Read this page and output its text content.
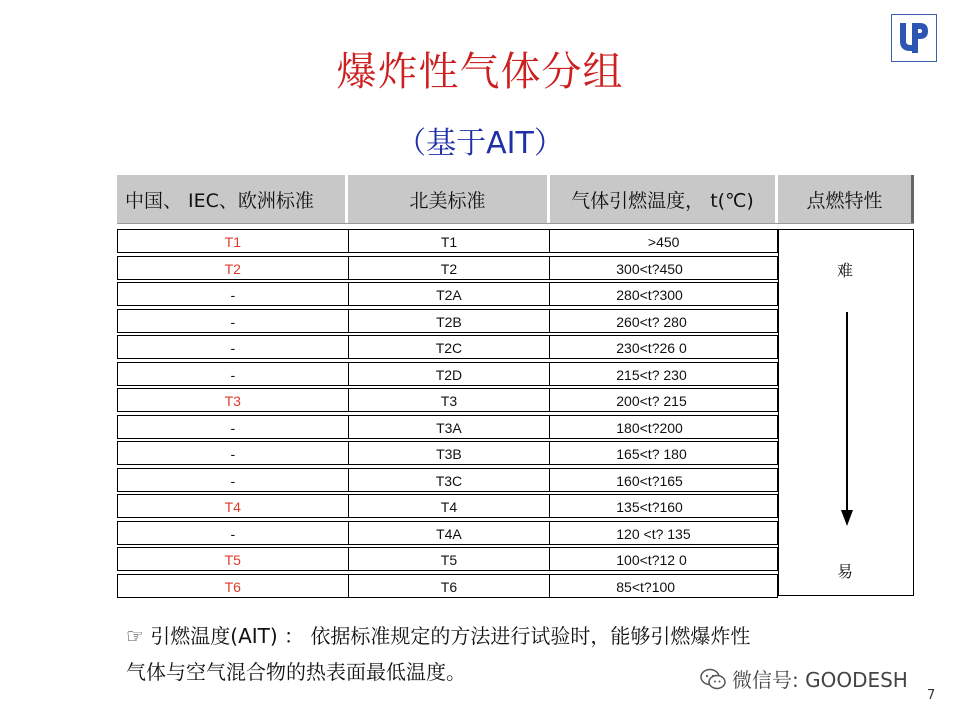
爆炸性气体分组
（基于AIT）
中国、 IEC、欧洲标准	北美标准	气体引燃温度， t(℃)	点燃特性
T1	T1	>450
T2	T2	300<t?450
-	T2A	280<t?300
-	T2B	260<t? 280
-	T2C	230<t?26 0
-	T2D	215<t? 230
T3	T3	200<t? 215
-	T3A	180<t?200
-	T3B	165<t? 180
-	T3C	160<t?165
T4	T4	135<t?160
-	T4A	120 <t? 135
T5	T5	100<t?12 0
T6	T6	85<t?100
难
易
☞ 引燃温度(AIT) ： 依据标准规定的方法进行试验时，能够引燃爆炸性
气体与空气混合物的热表面最低温度。	微信号: GOODESH
7
